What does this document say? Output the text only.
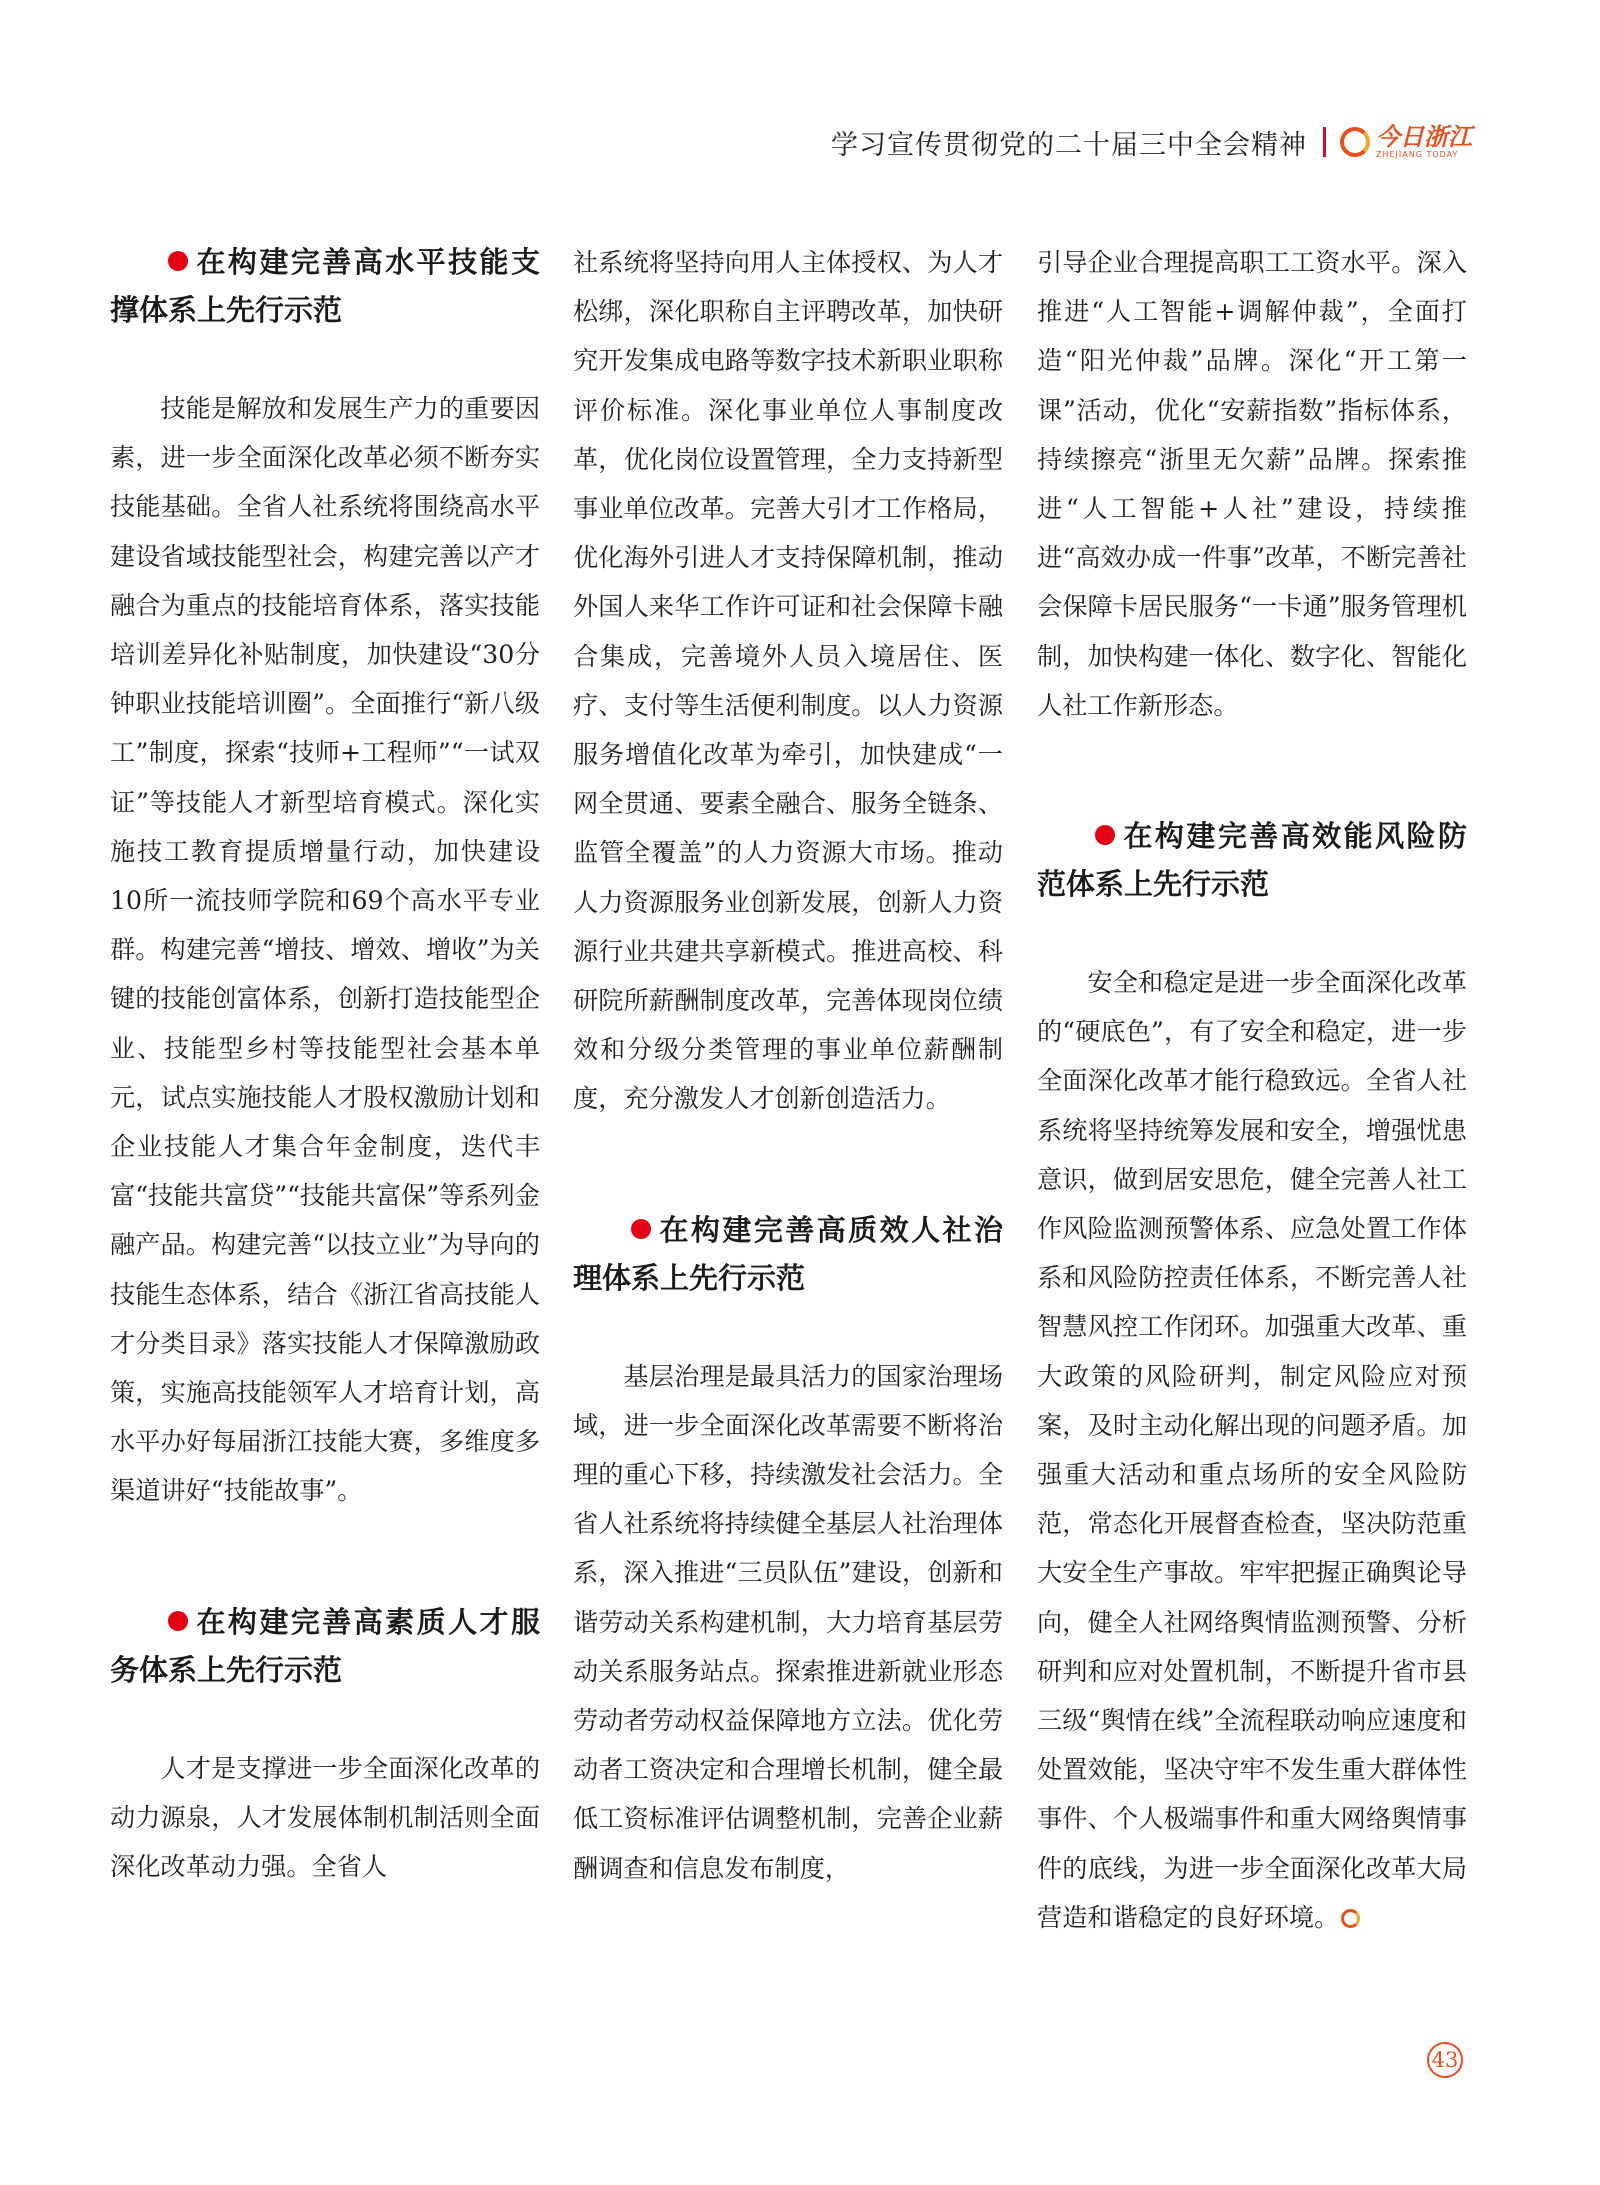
学习宣传贯彻党的二十届三中全会精神	今日浙江
ZHEJIANG TODAY
在构建完善高水平技能支撑体系上先行示范

技能是解放和发展生产力的重要因素，进一步全面深化改革必须不断夯实技能基础。全省人社系统将围绕高水平建设省域技能型社会，构建完善以产才融合为重点的技能培育体系，落实技能培训差异化补贴制度，加快建设“30分钟职业技能培训圈”。全面推行“新八级工”制度，探索“技师+工程师”“一试双证”等技能人才新型培育模式。深化实施技工教育提质增量行动，加快建设10所一流技师学院和69个高水平专业群。构建完善“增技、增效、增收”为关键的技能创富体系，创新打造技能型企业、技能型乡村等技能型社会基本单元，试点实施技能人才股权激励计划和企业技能人才集合年金制度，迭代丰富“技能共富贷”“技能共富保”等系列金融产品。构建完善“以技立业”为导向的技能生态体系，结合《浙江省高技能人才分类目录》落实技能人才保障激励政策，实施高技能领军人才培育计划，高水平办好每届浙江技能大赛，多维度多渠道讲好“技能故事”。

在构建完善高素质人才服务体系上先行示范

人才是支撑进一步全面深化改革的动力源泉，人才发展体制机制活则全面深化改革动力强。全省人

社系统将坚持向用人主体授权、为人才松绑，深化职称自主评聘改革，加快研究开发集成电路等数字技术新职业职称评价标准。深化事业单位人事制度改革，优化岗位设置管理，全力支持新型事业单位改革。完善大引才工作格局，优化海外引进人才支持保障机制，推动外国人来华工作许可证和社会保障卡融合集成，完善境外人员入境居住、医疗、支付等生活便利制度。以人力资源服务增值化改革为牵引，加快建成“一网全贯通、要素全融合、服务全链条、监管全覆盖”的人力资源大市场。推动人力资源服务业创新发展，创新人力资源行业共建共享新模式。推进高校、科研院所薪酬制度改革，完善体现岗位绩效和分级分类管理的事业单位薪酬制度，充分激发人才创新创造活力。

在构建完善高质效人社治理体系上先行示范

基层治理是最具活力的国家治理场域，进一步全面深化改革需要不断将治理的重心下移，持续激发社会活力。全省人社系统将持续健全基层人社治理体系，深入推进“三员队伍”建设，创新和谐劳动关系构建机制，大力培育基层劳动关系服务站点。探索推进新就业形态劳动者劳动权益保障地方立法。优化劳动者工资决定和合理增长机制，健全最低工资标准评估调整机制，完善企业薪酬调查和信息发布制度，

引导企业合理提高职工工资水平。深入推进“人工智能+调解仲裁”，全面打造“阳光仲裁”品牌。深化“开工第一课”活动，优化“安薪指数”指标体系，持续擦亮“浙里无欠薪”品牌。探索推进“人工智能+人社”建设，持续推进“高效办成一件事”改革，不断完善社会保障卡居民服务“一卡通”服务管理机制，加快构建一体化、数字化、智能化人社工作新形态。

在构建完善高效能风险防范体系上先行示范

安全和稳定是进一步全面深化改革的“硬底色”，有了安全和稳定，进一步全面深化改革才能行稳致远。全省人社系统将坚持统筹发展和安全，增强忧患意识，做到居安思危，健全完善人社工作风险监测预警体系、应急处置工作体系和风险防控责任体系，不断完善人社智慧风控工作闭环。加强重大改革、重大政策的风险研判，制定风险应对预案，及时主动化解出现的问题矛盾。加强重大活动和重点场所的安全风险防范，常态化开展督查检查，坚决防范重大安全生产事故。牢牢把握正确舆论导向，健全人社网络舆情监测预警、分析研判和应对处置机制，不断提升省市县三级“舆情在线”全流程联动响应速度和处置效能，坚决守牢不发生重大群体性事件、个人极端事件和重大网络舆情事件的底线，为进一步全面深化改革大局营造和谐稳定的良好环境。

43
